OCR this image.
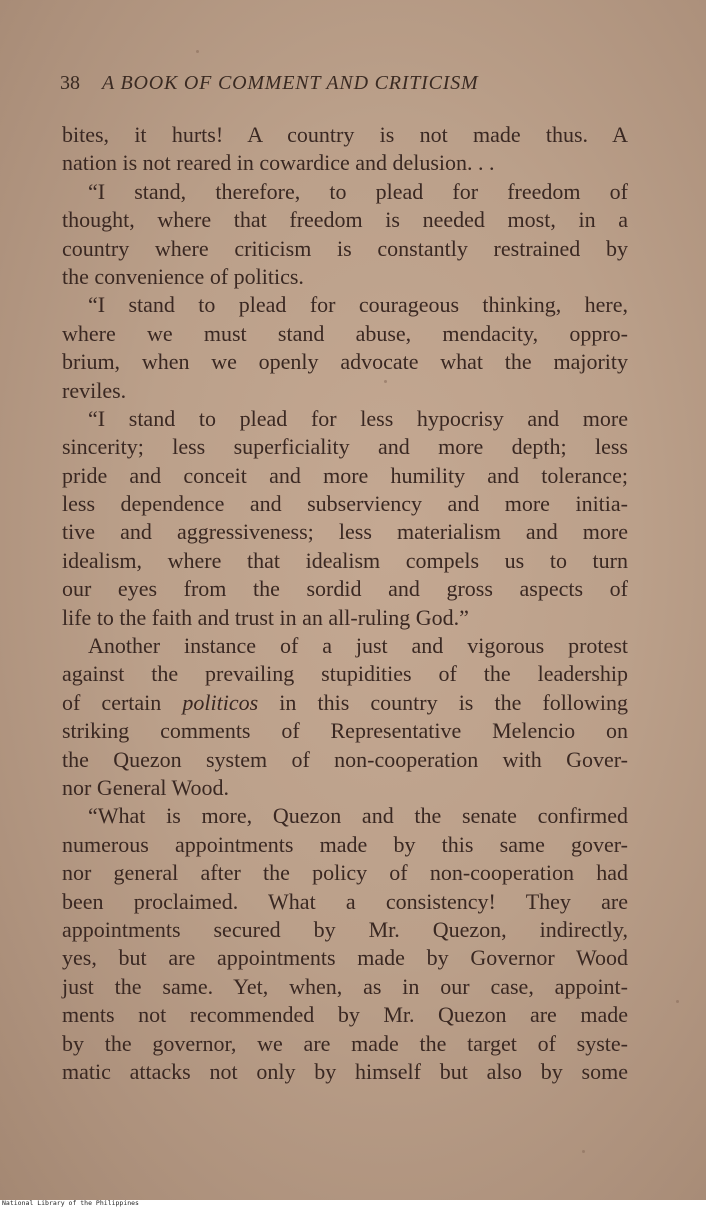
38 A BOOK OF COMMENT AND CRITICISM

bites, it hurts! A country is not made thus. A
nation is not reared in cowardice and delusion. . .

“I stand, therefore, to plead for freedom of
thought, where that freedom is needed most, in a
country where criticism is constantly restrained by
the convenience of politics.

“I stand to plead for courageous thinking, here,
where we must stand abuse, mendacity, oppro-
brium, when we openly advocate what the majority
reviles.

“I stand to plead for less hypocrisy and more
sincerity; less superficiality and more depth; less
pride and conceit and more humility and tolerance;
less dependence and subserviency and more initia-
tive and aggressiveness; less materialism and more
idealism, where that idealism compels us to turn
our eyes from the sordid and gross aspects of
life to the faith and trust in an all-ruling God.”

Another instance of a just and vigorous protest
against the prevailing stupidities of the leadership
of certain politicos in this country is the following
striking comments of Representative Melencio on
the Quezon system of non-cooperation with Gover-
nor General Wood.

“What is more, Quezon and the senate confirmed
numerous appointments made by this same gover-
nor general after the policy of non-cooperation had
been proclaimed. What a consistency! They are
appointments secured by Mr. Quezon, indirectly,
yes, but are appointments made by Governor Wood
just the same. Yet, when, as in our case, appoint-
ments not recommended by Mr. Quezon are made
by the governor, we are made the target of syste-
matic attacks not only by himself but also by some

National Library of the Philippines
